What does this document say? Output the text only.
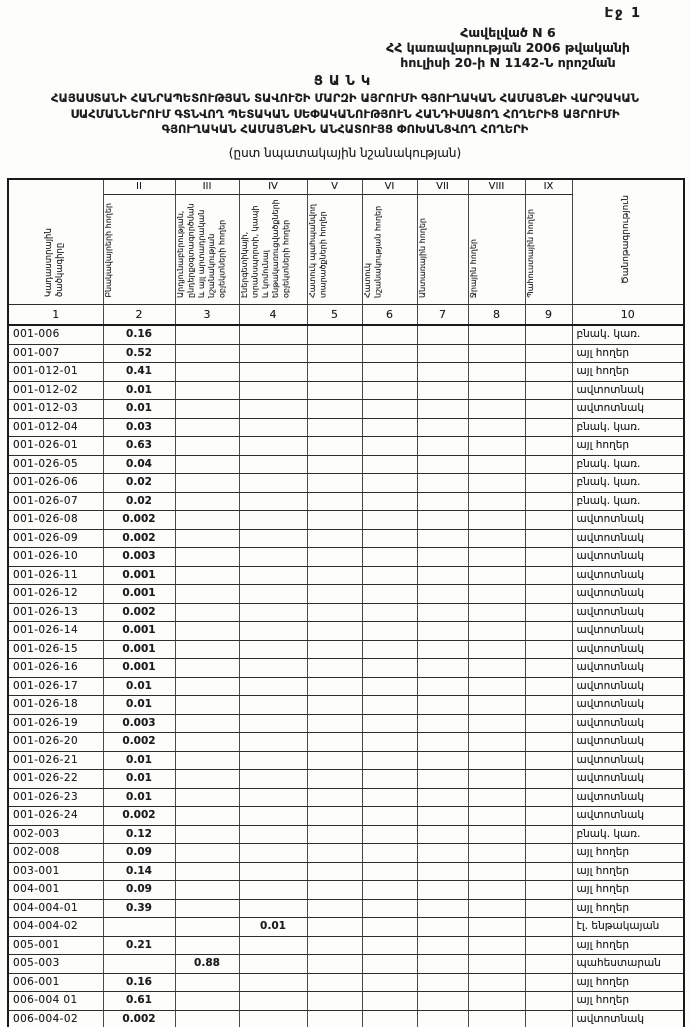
Էջ 1
Հավելված N 6
ՀՀ կառավարության 2006 թվականի
հուլիսի 20-ի N 1142-Ն որոշման
ՑԱՆԿ
ՀԱՅԱՍՏԱՆԻ ՀԱՆՐԱՊԵՏՈՒԹՅԱՆ ՏԱՎՈՒՇԻ ՄԱՐԶԻ ԱՅՐՈՒՄԻ ԳՅՈՒՂԱԿԱՆ ՀԱՄԱՅՆՔԻ ՎԱՐՉԱԿԱՆ
ՍԱՀՄԱՆՆԵՐՈՒՄ ԳՏՆՎՈՂ ՊԵՏԱԿԱՆ ՍԵՓԱԿԱՆՈՒԹՅՈՒՆ ՀԱՆԴԻՍԱՑՈՂ ՀՈՂԵՐԻՑ ԱՅՐՈՒՄԻ
ԳՅՈՒՂԱԿԱՆ ՀԱՄԱՅՆՔԻՆ ԱՆՀԱՏՈՒՅՑ ՓՈԽԱՆՑՎՈՂ ՀՈՂԵՐԻ
(ըստ նպատակային նշանակության)
Կադաստրային ծածկագիրը	II	III	IV	V	VI	VII	VIII	IX	Ծանոթագրություն
	Բնակավայրերի հողեր	Արդյունաբերության, ընդերքօգտագործման և այլ արտադրական նշանակության օբյեկտների հողեր	Էներգետիկայի, տրանսպորտի, կապի և կոմունալ ենթակառուցվածքների օբյեկտների հողեր	Հատուկ պահպանվող տարածքների հողեր	Հատուկ նշանակության հողեր	Անտառային հողեր	Ջրային հողեր	Պահուստային հողեր	
1	2	3	4	5	6	7	8	9	10
001-006	0.16								բնակ. կառ.
001-007	0.52								այլ հողեր
001-012-01	0.41								այլ հողեր
001-012-02	0.01								ավտոտնակ
001-012-03	0.01								ավտոտնակ
001-012-04	0.03								բնակ. կառ.
001-026-01	0.63								այլ հողեր
001-026-05	0.04								բնակ. կառ.
001-026-06	0.02								բնակ. կառ.
001-026-07	0.02								բնակ. կառ.
001-026-08	0.002								ավտոտնակ
001-026-09	0.002								ավտոտնակ
001-026-10	0.003								ավտոտնակ
001-026-11	0.001								ավտոտնակ
001-026-12	0.001								ավտոտնակ
001-026-13	0.002								ավտոտնակ
001-026-14	0.001								ավտոտնակ
001-026-15	0.001								ավտոտնակ
001-026-16	0.001								ավտոտնակ
001-026-17	0.01								ավտոտնակ
001-026-18	0.01								ավտոտնակ
001-026-19	0.003								ավտոտնակ
001-026-20	0.002								ավտոտնակ
001-026-21	0.01								ավտոտնակ
001-026-22	0.01								ավտոտնակ
001-026-23	0.01								ավտոտնակ
001-026-24	0.002								ավտոտնակ
002-003	0.12								բնակ. կառ.
002-008	0.09								այլ հողեր
003-001	0.14								այլ հողեր
004-001	0.09								այլ հողեր
004-004-01	0.39								այլ հողեր
004-004-02			0.01						էլ. ենթակայան
005-001	0.21								այլ հողեր
005-003		0.88							պահեստարան
006-001	0.16								այլ հողեր
006-004 01	0.61								այլ հողեր
006-004-02	0.002								ավտոտնակ
